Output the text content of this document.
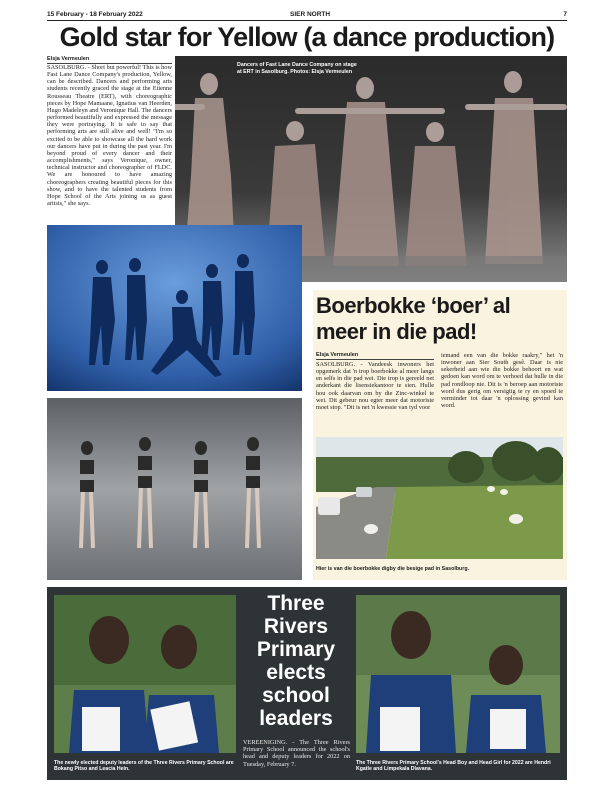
15 February - 18 February 2022	SIER NORTH	7
Gold star for Yellow (a dance production)
Elsja Vermeulen
SASOLBURG. - Short but powerful! This is how Fast Lane Dance Company's production, Yellow, can be described. Dancers and performing arts students recently graced the stage at the Etienne Rousseau Theatre (ERT), with choreographic pieces by Hope Mamaane, Ignatius van Heerden, Hugo Madeleyn and Veronique Hall. The dancers performed beautifully and expressed the message they were portraying. It is safe to say that performing arts are still alive and well! "I'm so excited to be able to showcase all the hard work our dancers have put in during the past year. I'm beyond proud of every dancer and their accomplishments," says Veronique, owner, technical instructor and choreographer of FLDC. We are honoured to have amazing choreographers creating beautiful pieces for this show, and to have the talented students from Hope School of the Arts joining us as guest artists," she says.
Dancers of Fast Lane Dance Company on stage at ERT in Sasolburg. Photos: Elsja Vermeulen
Boerbokke ‘boer’ al meer in die pad!
Elsja Vermeulen
SASOLBURG. - Vandeesk inwoners het opgemerk dat 'n trop boerbokke al meer langs en selfs in die pad wei. Die trop is gereeld net anderkant die lisensiekantoor te sien. Hulle hou ook daarvan om by die Zinc-winkel te wei. Dit gebeur nou egter meer dat motoriste moet stop. "Dit is net 'n kwessie van tyd voor
iemand een van die bokke raakry," het 'n inwoner aan Sier South gesê. Daar is nie sekerheid aan wie die bokke behoort en wat gedoen kan word om te verhoed dat hulle in die pad rondloop nie. Dit is 'n beroep aan motoriste word dus gerig om versigtig te ry en spoed te verminder tot daar 'n oplossing gevind kan word.
Hier is van die boerbokke digby die besige pad in Sasolburg.
Three Rivers Primary elects school leaders
VEREENIGING. - The Three Rivers Primary School announced the school's head and deputy leaders for 2022 on Tuesday, February 7.
The newly elected deputy leaders of the Three Rivers Primary School are Bokang Pitso and Leacia Hein.
The Three Rivers Primary School's Head Boy and Head Girl for 2022 are Hendri Kgatle and Limpekala Dlavana.
